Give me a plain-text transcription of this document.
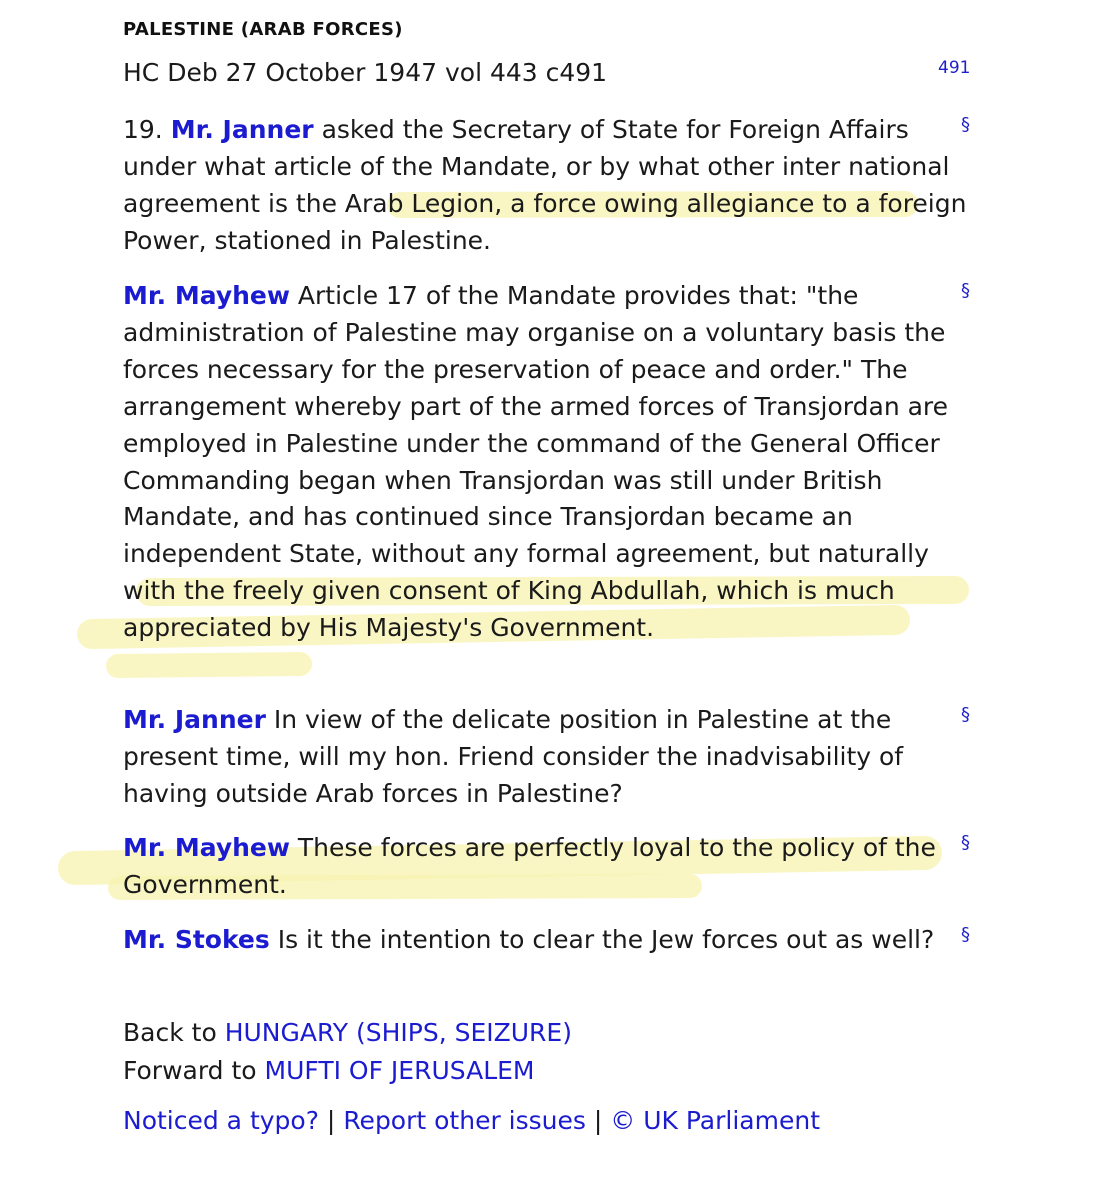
PALESTINE (ARAB FORCES)
HC Deb 27 October 1947 vol 443 c491	491
19. Mr. Janner asked the Secretary of State for Foreign Affairs under what article of the Mandate, or by what other inter national agreement is the Arab Legion, a force owing allegiance to a foreign Power, stationed in Palestine.
§
Mr. Mayhew Article 17 of the Mandate provides that: "the administration of Palestine may organise on a voluntary basis the forces necessary for the preservation of peace and order." The arrangement whereby part of the armed forces of Transjordan are employed in Palestine under the command of the General Officer Commanding began when Transjordan was still under British Mandate, and has continued since Transjordan became an independent State, without any formal agreement, but naturally with the freely given consent of King Abdullah, which is much appreciated by His Majesty's Government.
§
Mr. Janner In view of the delicate position in Palestine at the present time, will my hon. Friend consider the inadvisability of having outside Arab forces in Palestine?
§
Mr. Mayhew These forces are perfectly loyal to the policy of the Government.
§
Mr. Stokes Is it the intention to clear the Jew forces out as well?	§
Back to HUNGARY (SHIPS, SEIZURE)
Forward to MUFTI OF JERUSALEM
Noticed a typo? | Report other issues | © UK Parliament
